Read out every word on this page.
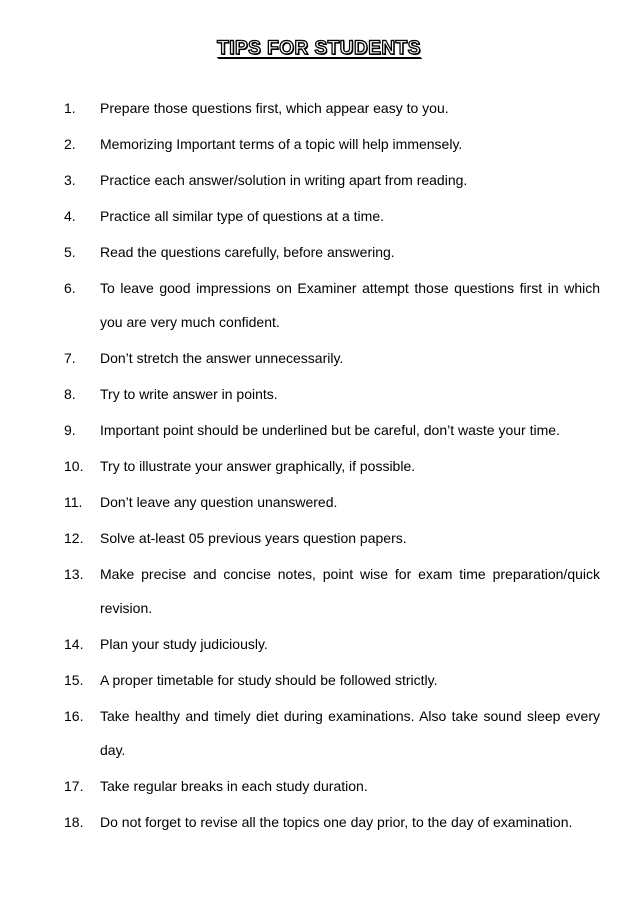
TIPS FOR STUDENTS
1.	Prepare those questions first, which appear easy to you.
2.	Memorizing Important terms of a topic will help immensely.
3.	Practice each answer/solution in writing apart from reading.
4.	Practice all similar type of questions at a time.
5.	Read the questions carefully, before answering.
6.	To leave good impressions on Examiner attempt those questions first in which you are very much confident.
7.	Don’t stretch the answer unnecessarily.
8.	Try to write answer in points.
9.	Important point should be underlined but be careful, don’t waste your time.
10.	Try to illustrate your answer graphically, if possible.
11.	Don’t leave any question unanswered.
12.	Solve at-least 05 previous years question papers.
13.	Make precise and concise notes, point wise for exam time preparation/quick revision.
14.	Plan your study judiciously.
15.	A proper timetable for study should be followed strictly.
16.	Take healthy and timely diet during examinations. Also take sound sleep every day.
17.	Take regular breaks in each study duration.
18.	Do not forget to revise all the topics one day prior, to the day of examination.
